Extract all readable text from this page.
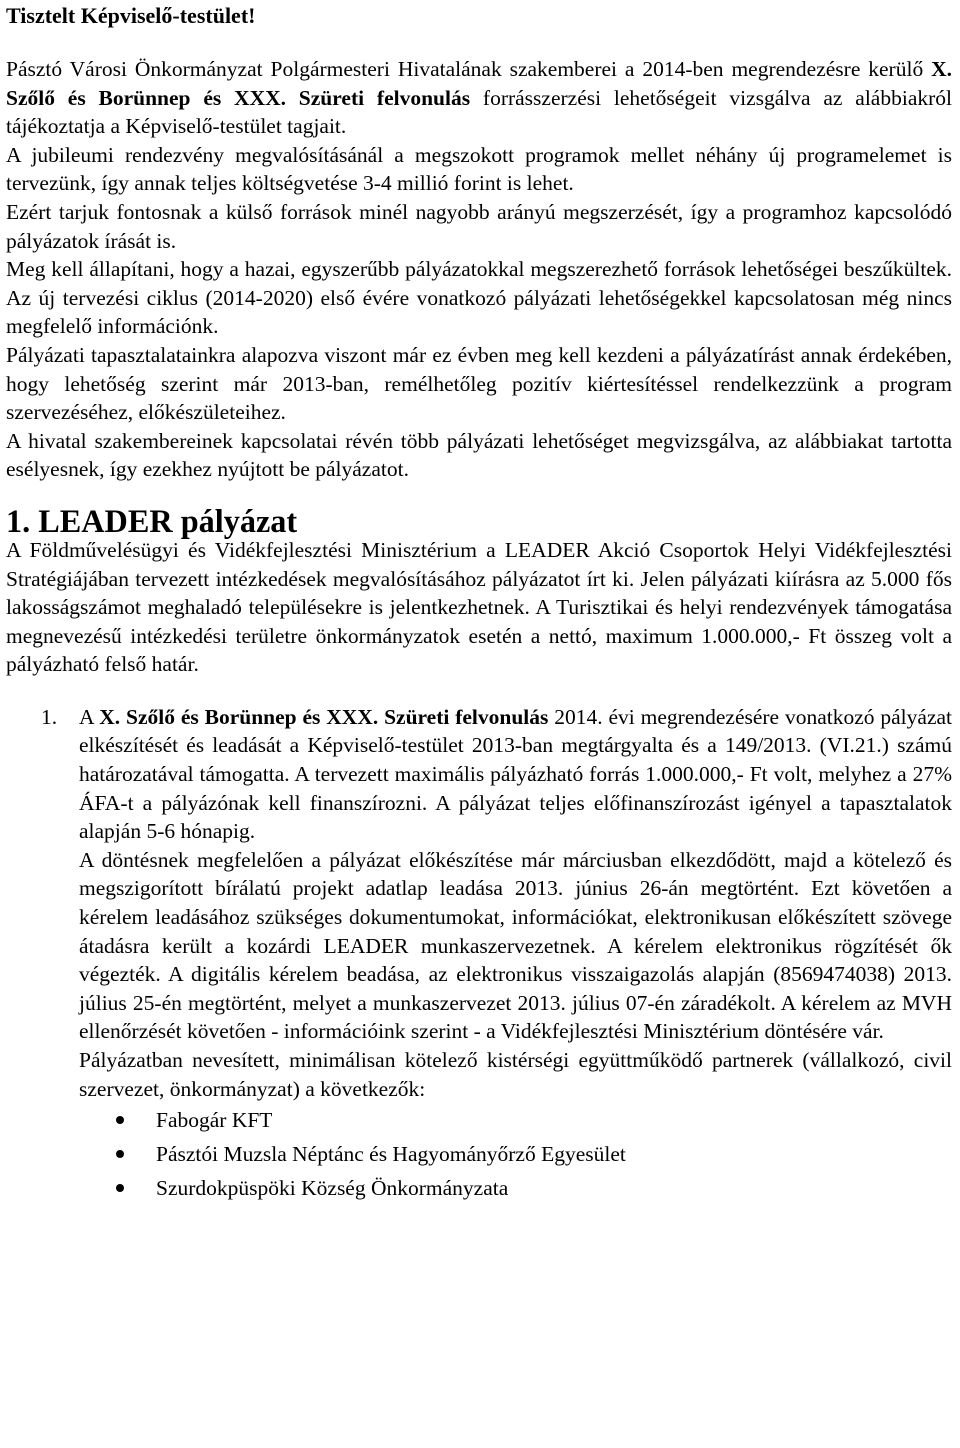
Tisztelt Képviselő-testület!

Pásztó Városi Önkormányzat Polgármesteri Hivatalának szakemberei a 2014-ben megrendezésre kerülő X. Szőlő és Borünnep és XXX. Szüreti felvonulás forrásszerzési lehetőségeit vizsgálva az alábbiakról tájékoztatja a Képviselő-testület tagjait.

A jubileumi rendezvény megvalósításánál a megszokott programok mellet néhány új programelemet is tervezünk, így annak teljes költségvetése 3-4 millió forint is lehet.

Ezért tarjuk fontosnak a külső források minél nagyobb arányú megszerzését, így a programhoz kapcsolódó pályázatok írását is.

Meg kell állapítani, hogy a hazai, egyszerűbb pályázatokkal megszerezhető források lehetőségei beszűkültek. Az új tervezési ciklus (2014-2020) első évére vonatkozó pályázati lehetőségekkel kapcsolatosan még nincs megfelelő információnk.

Pályázati tapasztalatainkra alapozva viszont már ez évben meg kell kezdeni a pályázatírást annak érdekében, hogy lehetőség szerint már 2013-ban, remélhetőleg pozitív kiértesítéssel rendelkezzünk a program szervezéséhez, előkészületeihez.

A hivatal szakembereinek kapcsolatai révén több pályázati lehetőséget megvizsgálva, az alábbiakat tartotta esélyesnek, így ezekhez nyújtott be pályázatot.

1. LEADER pályázat

A Földművelésügyi és Vidékfejlesztési Minisztérium a LEADER Akció Csoportok Helyi Vidékfejlesztési Stratégiájában tervezett intézkedések megvalósításához pályázatot írt ki. Jelen pályázati kiírásra az 5.000 fős lakosságszámot meghaladó településekre is jelentkezhetnek. A Turisztikai és helyi rendezvények támogatása megnevezésű intézkedési területre önkormányzatok esetén a nettó, maximum 1.000.000,- Ft összeg volt a pályázható felső határ.

1. A X. Szőlő és Borünnep és XXX. Szüreti felvonulás 2014. évi megrendezésére vonatkozó pályázat elkészítését és leadását a Képviselő-testület 2013-ban megtárgyalta és a 149/2013. (VI.21.) számú határozatával támogatta. A tervezett maximális pályázható forrás 1.000.000,- Ft volt, melyhez a 27% ÁFA-t a pályázónak kell finanszírozni. A pályázat teljes előfinanszírozást igényel a tapasztalatok alapján 5-6 hónapig.

A döntésnek megfelelően a pályázat előkészítése már márciusban elkezdődött, majd a kötelező és megszigorított bírálatú projekt adatlap leadása 2013. június 26-án megtörtént. Ezt követően a kérelem leadásához szükséges dokumentumokat, információkat, elektronikusan előkészített szövege átadásra került a kozárdi LEADER munkaszervezetnek. A kérelem elektronikus rögzítését ők végezték. A digitális kérelem beadása, az elektronikus visszaigazolás alapján (8569474038) 2013. július 25-én megtörtént, melyet a munkaszervezet 2013. július 07-én záradékolt. A kérelem az MVH ellenőrzését követően - információink szerint - a Vidékfejlesztési Minisztérium döntésére vár.

Pályázatban nevesített, minimálisan kötelező kistérségi együttműködő partnerek (vállalkozó, civil szervezet, önkormányzat) a következők:

Fabogár KFT
Pásztói Muzsla Néptánc és Hagyományőrző Egyesület
Szurdokpüspöki Község Önkormányzata
